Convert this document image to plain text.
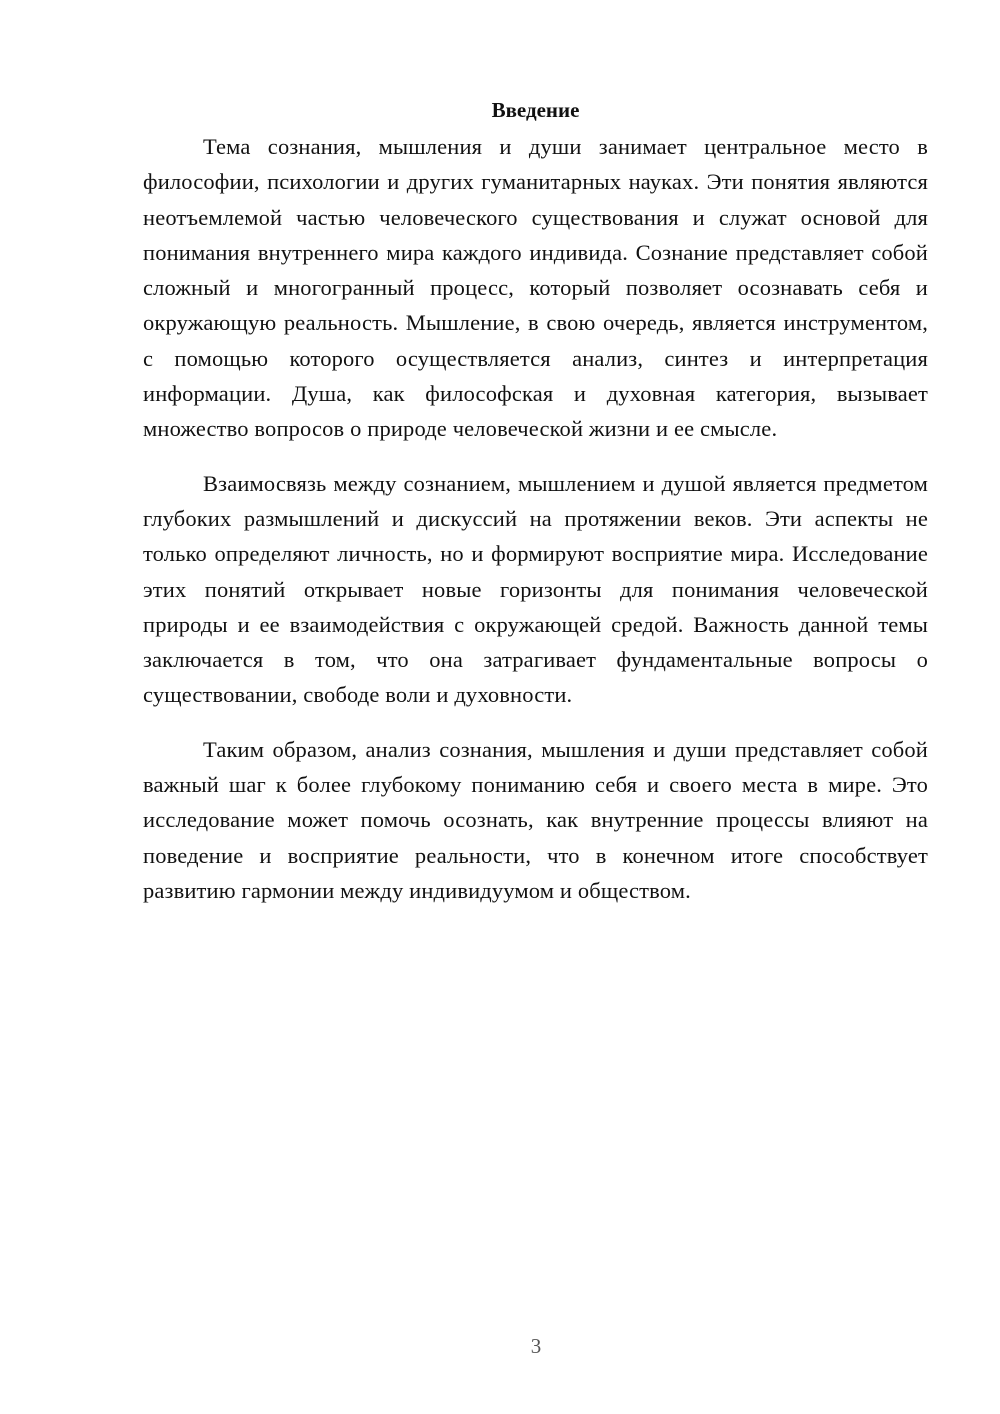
Введение

Тема сознания, мышления и души занимает центральное место в философии, психологии и других гуманитарных науках. Эти понятия являются неотъемлемой частью человеческого существования и служат основой для понимания внутреннего мира каждого индивида. Сознание представляет собой сложный и многогранный процесс, который позволяет осознавать себя и окружающую реальность. Мышление, в свою очередь, является инструментом, с помощью которого осуществляется анализ, синтез и интерпретация информации. Душа, как философская и духовная категория, вызывает множество вопросов о природе человеческой жизни и ее смысле.

Взаимосвязь между сознанием, мышлением и душой является предметом глубоких размышлений и дискуссий на протяжении веков. Эти аспекты не только определяют личность, но и формируют восприятие мира. Исследование этих понятий открывает новые горизонты для понимания человеческой природы и ее взаимодействия с окружающей средой. Важность данной темы заключается в том, что она затрагивает фундаментальные вопросы о существовании, свободе воли и духовности.

Таким образом, анализ сознания, мышления и души представляет собой важный шаг к более глубокому пониманию себя и своего места в мире. Это исследование может помочь осознать, как внутренние процессы влияют на поведение и восприятие реальности, что в конечном итоге способствует развитию гармонии между индивидуумом и обществом.

3
